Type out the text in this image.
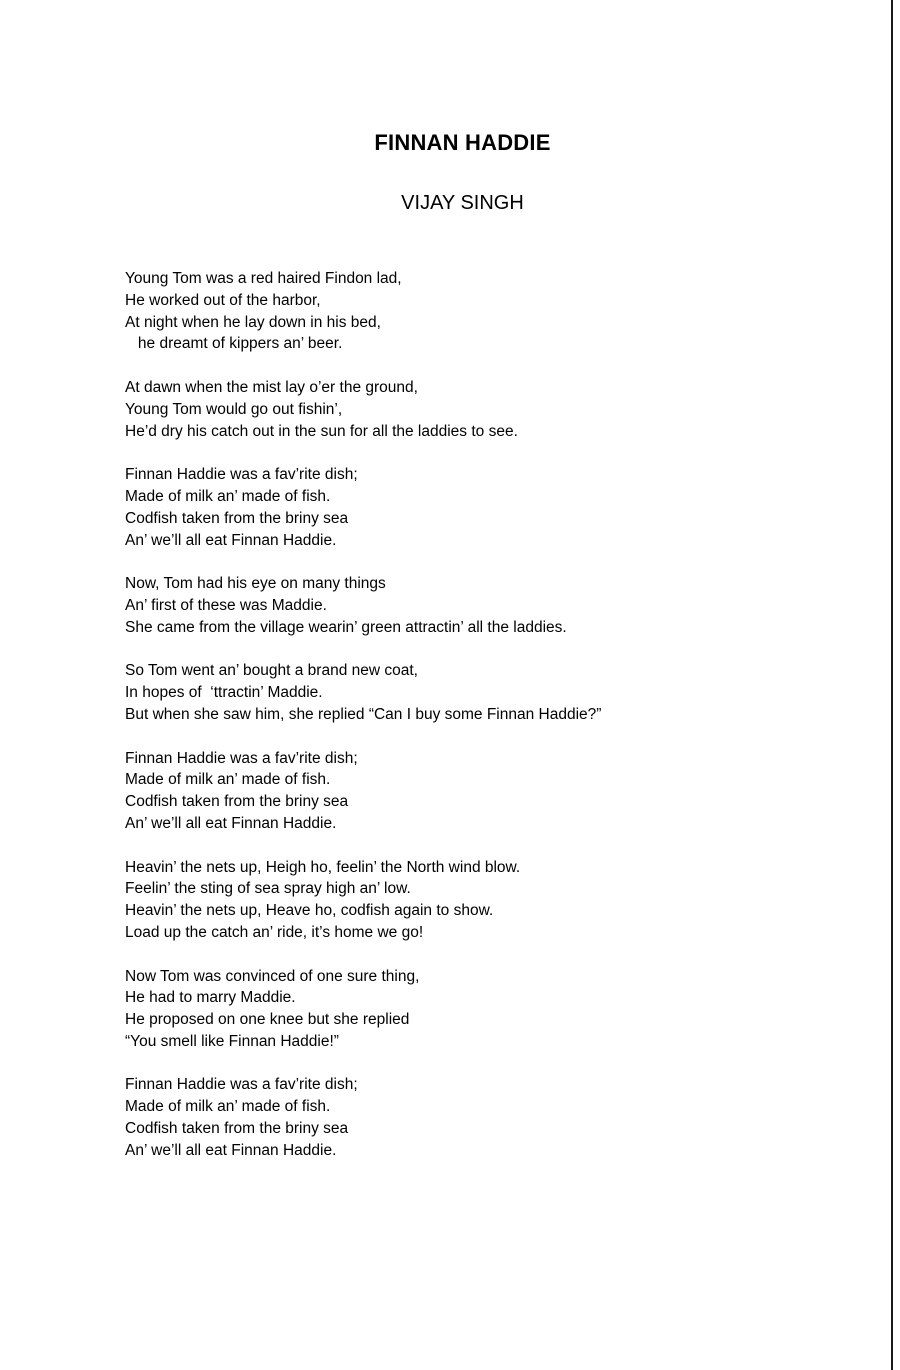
FINNAN HADDIE
VIJAY SINGH
Young Tom was a red haired Findon lad,
He worked out of the harbor,
At night when he lay down in his bed,
he dreamt of kippers an’ beer.
At dawn when the mist lay o’er the ground,
Young Tom would go out fishin’,
He’d dry his catch out in the sun for all the laddies to see.
Finnan Haddie was a fav’rite dish;
Made of milk an’ made of fish.
Codfish taken from the briny sea
An’ we’ll all eat Finnan Haddie.
Now, Tom had his eye on many things
An’ first of these was Maddie.
She came from the village wearin’ green attractin’ all the laddies.
So Tom went an’ bought a brand new coat,
In hopes of  ‘ttractin’ Maddie.
But when she saw him, she replied “Can I buy some Finnan Haddie?”
Finnan Haddie was a fav’rite dish;
Made of milk an’ made of fish.
Codfish taken from the briny sea
An’ we’ll all eat Finnan Haddie.
Heavin’ the nets up, Heigh ho, feelin’ the North wind blow.
Feelin’ the sting of sea spray high an’ low.
Heavin’ the nets up, Heave ho, codfish again to show.
Load up the catch an’ ride, it’s home we go!
Now Tom was convinced of one sure thing,
He had to marry Maddie.
He proposed on one knee but she replied
“You smell like Finnan Haddie!”
Finnan Haddie was a fav’rite dish;
Made of milk an’ made of fish.
Codfish taken from the briny sea
An’ we’ll all eat Finnan Haddie.
